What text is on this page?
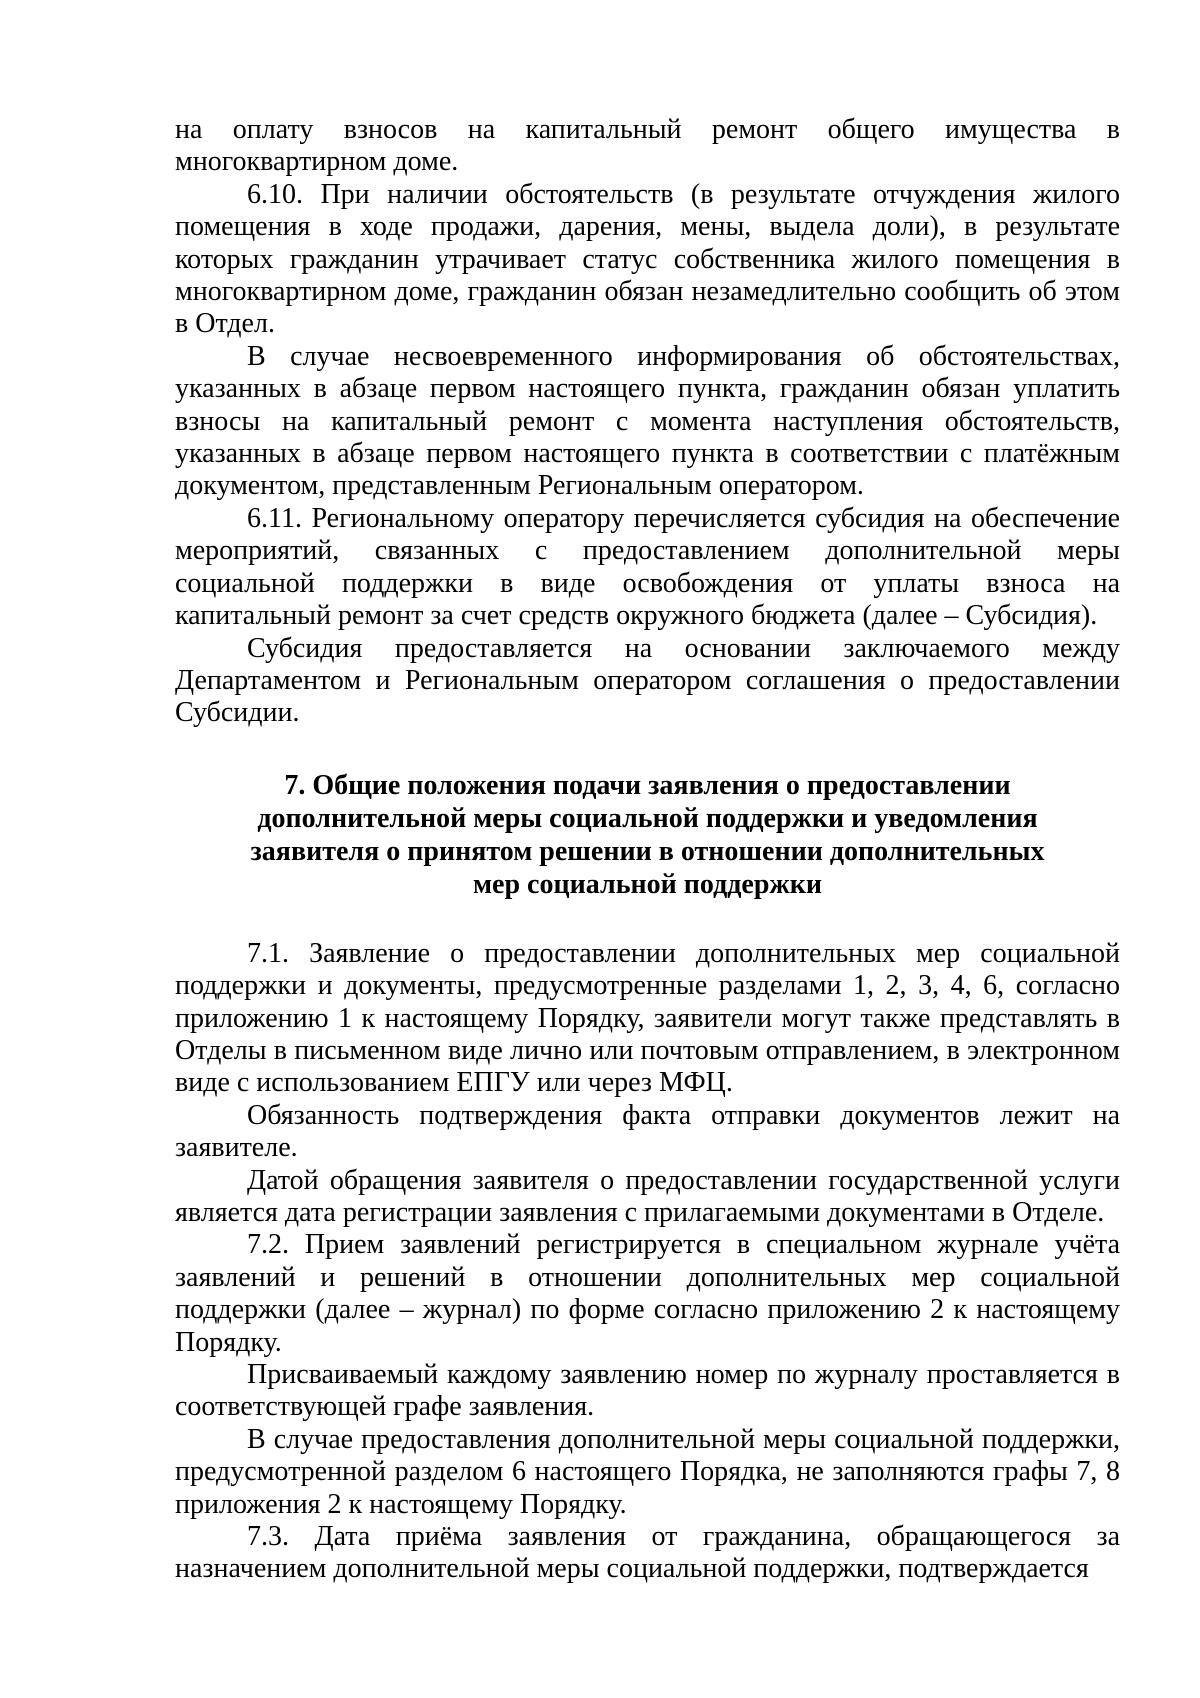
на оплату взносов на капитальный ремонт общего имущества в многоквартирном доме.

6.10. При наличии обстоятельств (в результате отчуждения жилого помещения в ходе продажи, дарения, мены, выдела доли), в результате которых гражданин утрачивает статус собственника жилого помещения в многоквартирном доме, гражданин обязан незамедлительно сообщить об этом в Отдел.

В случае несвоевременного информирования об обстоятельствах, указанных в абзаце первом настоящего пункта, гражданин обязан уплатить взносы на капитальный ремонт с момента наступления обстоятельств, указанных в абзаце первом настоящего пункта в соответствии с платёжным документом, представленным Региональным оператором.

6.11. Региональному оператору перечисляется субсидия на обеспечение мероприятий, связанных с предоставлением дополнительной меры социальной поддержки в виде освобождения от уплаты взноса на капитальный ремонт за счет средств окружного бюджета (далее – Субсидия).

Субсидия предоставляется на основании заключаемого между Департаментом и Региональным оператором соглашения о предоставлении Субсидии.

7. Общие положения подачи заявления о предоставлении
дополнительной меры социальной поддержки и уведомления
заявителя о принятом решении в отношении дополнительных
мер социальной поддержки

7.1. Заявление о предоставлении дополнительных мер социальной поддержки и документы, предусмотренные разделами 1, 2, 3, 4, 6, согласно приложению 1 к настоящему Порядку, заявители могут также представлять в Отделы в письменном виде лично или почтовым отправлением, в электронном виде с использованием ЕПГУ или через МФЦ.

Обязанность подтверждения факта отправки документов лежит на заявителе.

Датой обращения заявителя о предоставлении государственной услуги является дата регистрации заявления с прилагаемыми документами в Отделе.

7.2. Прием заявлений регистрируется в специальном журнале учёта заявлений и решений в отношении дополнительных мер социальной поддержки (далее – журнал) по форме согласно приложению 2 к настоящему Порядку.

Присваиваемый каждому заявлению номер по журналу проставляется в соответствующей графе заявления.

В случае предоставления дополнительной меры социальной поддержки, предусмотренной разделом 6 настоящего Порядка, не заполняются графы 7, 8 приложения 2 к настоящему Порядку.

7.3. Дата приёма заявления от гражданина, обращающегося за назначением дополнительной меры социальной поддержки, подтверждается
